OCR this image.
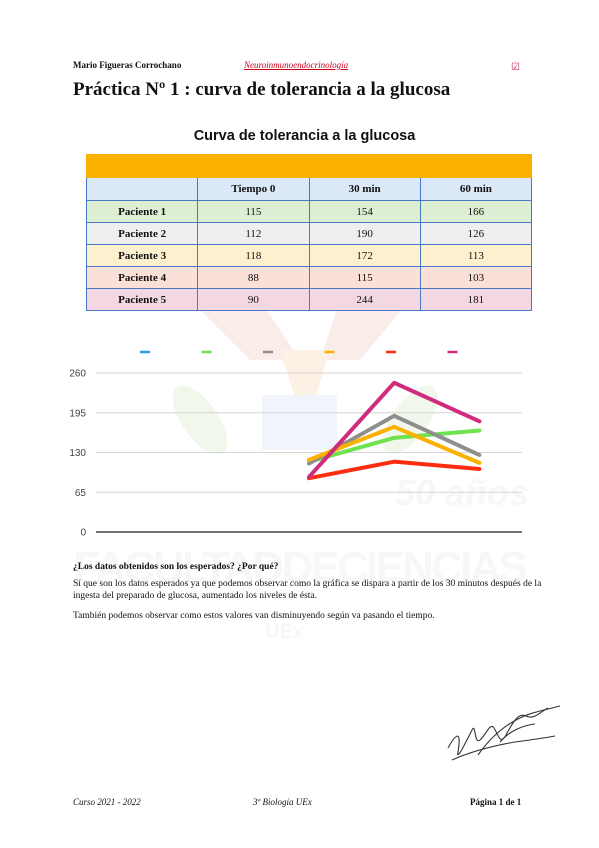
50 años
FACULTADDECIENCIAS
UEx
0
65
130
195
260
Mario Figueras Corrochano	Neuroinmunoendocrinología	☑
Práctica Nº 1 : curva de tolerancia a la glucosa
Curva de tolerancia a la glucosa

	Tiempo 0	30 min	60 min
Paciente 1	115	154	166
Paciente 2	112	190	126
Paciente 3	118	172	113
Paciente 4	88	115	103
Paciente 5	90	244	181
¿Los datos obtenidos son los esperados? ¿Por qué?
Sí que son los datos esperados ya que podemos observar como la gráfica se dispara a partir de los 30 minutos después de la ingesta del preparado de glucosa, aumentado los niveles de ésta.
También podemos observar como estos valores van disminuyendo según va pasando el tiempo.
Curso 2021 - 2022	3º Biología UEx	Página 1 de 1
